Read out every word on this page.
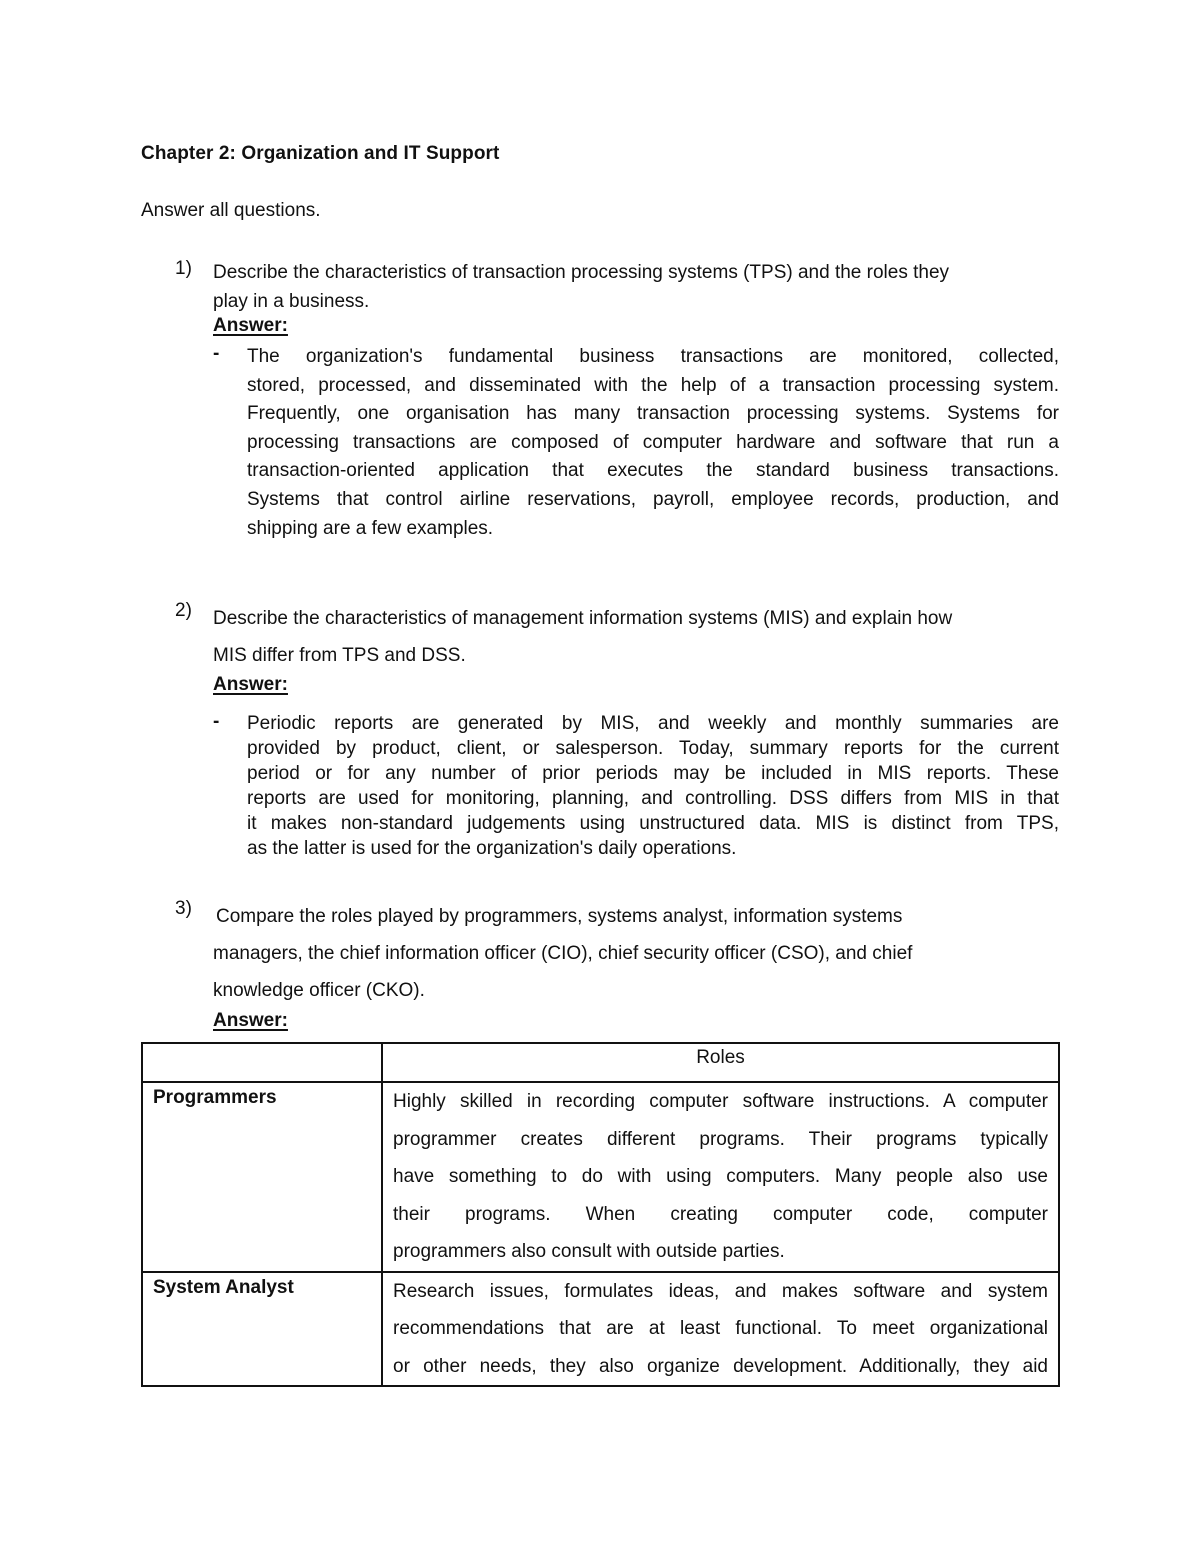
Chapter 2: Organization and IT Support
Answer all questions.
1) Describe the characteristics of transaction processing systems (TPS) and the roles they
play in a business.
Answer:
- The organization's fundamental business transactions are monitored, collected,
stored, processed, and disseminated with the help of a transaction processing system.
Frequently, one organisation has many transaction processing systems. Systems for
processing transactions are composed of computer hardware and software that run a
transaction-oriented application that executes the standard business transactions.
Systems that control airline reservations, payroll, employee records, production, and
shipping are a few examples.
2) Describe the characteristics of management information systems (MIS) and explain how
MIS differ from TPS and DSS.
Answer:
- Periodic reports are generated by MIS, and weekly and monthly summaries are
provided by product, client, or salesperson. Today, summary reports for the current
period or for any number of prior periods may be included in MIS reports. These
reports are used for monitoring, planning, and controlling. DSS differs from MIS in that
it makes non-standard judgements using unstructured data. MIS is distinct from TPS,
as the latter is used for the organization's daily operations.
3) Compare the roles played by programmers, systems analyst, information systems
managers, the chief information officer (CIO), chief security officer (CSO), and chief
knowledge officer (CKO).
Answer:
	Roles
Programmers	Highly skilled in recording computer software instructions. A computer
programmer creates different programs. Their programs typically
have something to do with using computers. Many people also use
their programs. When creating computer code, computer
programmers also consult with outside parties.

System Analyst	Research issues, formulates ideas, and makes software and system
recommendations that are at least functional. To meet organizational
or other needs, they also organize development. Additionally, they aid
